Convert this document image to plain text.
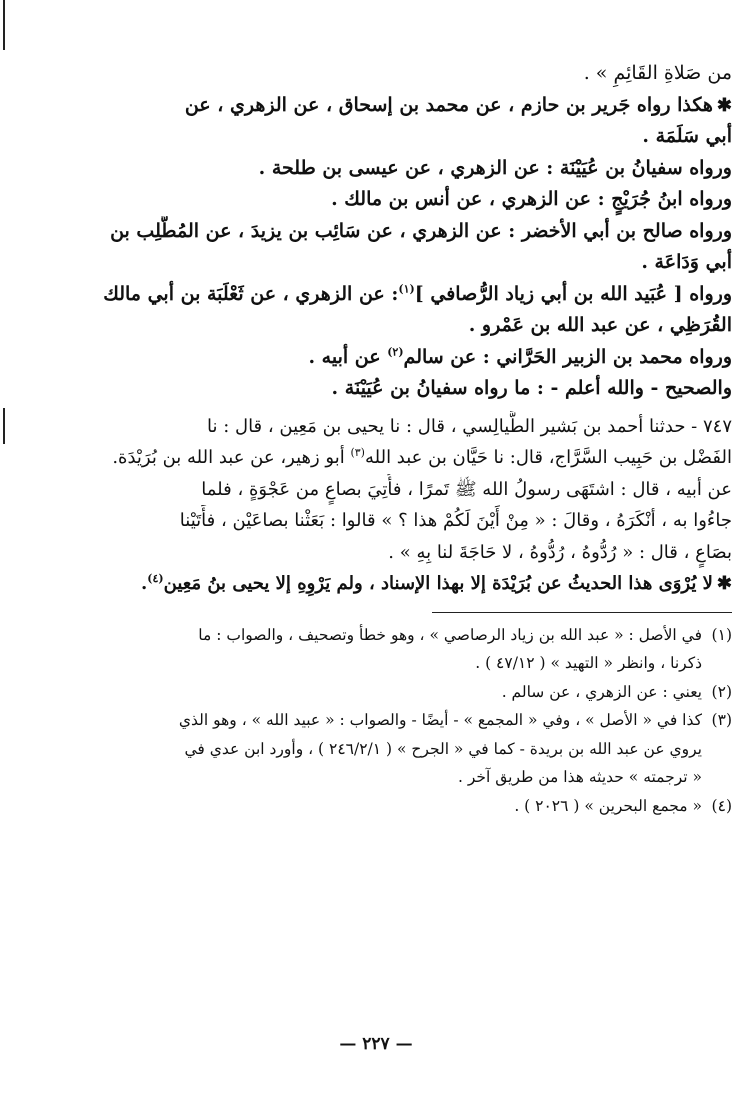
من صَلاةِ القَائِمِ » .
✱هكذا رواه جَرير بن حازم ، عن محمد بن إسحاق ، عن الزهري ، عن
أبي سَلَمَة .
ورواه سفيانُ بن عُيَيْنَة : عن الزهري ، عن عيسى بن طلحة .
ورواه ابنُ جُرَيْجٍ : عن الزهري ، عن أنس بن مالك .
ورواه صالح بن أبي الأخضر : عن الزهري ، عن سَائِب بن يزيدَ ، عن المُطَّلِب بن
أبي وَدَاعَة .
ورواه [ عُبَيد الله بن أبي زياد الرُّصافي ]$^{(١)}$: عن الزهري ، عن ثَعْلَبَة بن أبي مالك
القُرَظِي ، عن عبد الله بن عَمْرو .
ورواه محمد بن الزبير الحَرَّاني : عن سالم$^{(٢)}$ عن أبيه .
والصحيح - والله أعلم - : ما رواه سفيانُ بن عُيَيْنَة .
٧٤٧ - حدثنا أحمد بن بَشير الطَّيالِسي ، قال : نا يحيى بن مَعِين ، قال : نا
الفَضْل بن حَبِيب السَّرَّاج، قال: نا حَيَّان بن عبد الله$^{(٣)}$ أبو زهير، عن عبد الله بن بُرَيْدَة.
عن أبيه ، قال : اشتَهَى رسولُ الله ﷺ تَمرًا ، فأُتِيَ بصاعٍ من عَجْوَةٍ ، فلما
جاءُوا به ، أنْكَرَهُ ، وقالَ : « مِنْ أَيْنَ لَكُمْ هذا ؟ » قالوا : بَعَثْنا بصاعَيْن ، فأَتَيْنا
بصَاعٍ ، قال : « رُدُّوهُ ، رُدُّوهُ ، لا حَاجَةَ لنا بِهِ » .
✱لا يُرْوَى هذا الحديثُ عن بُرَيْدَة إلا بهذا الإسناد ، ولم يَرْوِهِ إلا يحيى بنُ مَعِين$^{(٤)}$.
(١)في الأصل : « عبد الله بن زياد الرصاصي » ، وهو خطأ وتصحيف ، والصواب : ما
ذكرنا ، وانظر « التهيد » ( ٤٧/١٢ ) .
(٢)يعني : عن الزهري ، عن سالم .
(٣)كذا في « الأصل » ، وفي « المجمع » - أيضًا - والصواب : « عبيد الله » ، وهو الذي
يروي عن عبد الله بن بريدة - كما في « الجرح » ( ٢٤٦/٢/١ ) ، وأورد ابن عدي في
« ترجمته » حديثه هذا من طريق آخر .
(٤)« مجمع البحرين » ( ٢٠٢٦ ) .
— ٢٢٧ —
